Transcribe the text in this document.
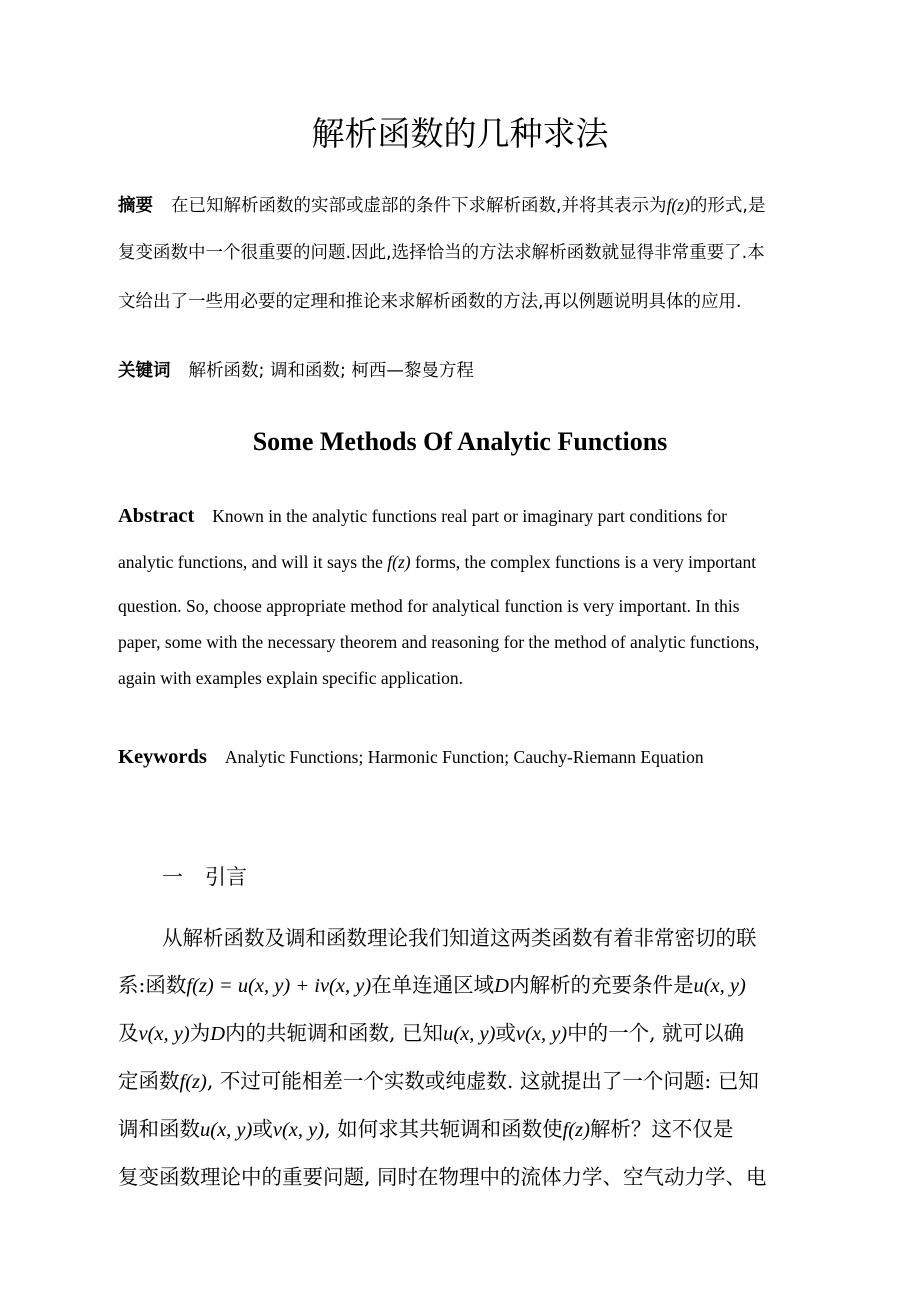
解析函数的几种求法
摘要 在已知解析函数的实部或虚部的条件下求解析函数,并将其表示为f(z)的形式,是
复变函数中一个很重要的问题.因此,选择恰当的方法求解析函数就显得非常重要了.本
文给出了一些用必要的定理和推论来求解析函数的方法,再以例题说明具体的应用.
关键词 解析函数; 调和函数; 柯西—黎曼方程
Some Methods Of Analytic Functions
Abstract Known in the analytic functions real part or imaginary part conditions for
analytic functions, and will it says the f(z) forms, the complex functions is a very important
question. So, choose appropriate method for analytical function is very important. In this
paper, some with the necessary theorem and reasoning for the method of analytic functions,
again with examples explain specific application.
Keywords Analytic Functions; Harmonic Function; Cauchy-Riemann Equation
一 引言
从解析函数及调和函数理论我们知道这两类函数有着非常密切的联
系:函数f(z) = u(x, y) + iv(x, y)在单连通区域D内解析的充要条件是u(x, y)
及v(x, y)为D内的共轭调和函数, 已知u(x, y)或v(x, y)中的一个, 就可以确
定函数f(z), 不过可能相差一个实数或纯虚数. 这就提出了一个问题: 已知
调和函数u(x, y)或v(x, y), 如何求其共轭调和函数使f(z)解析？这不仅是
复变函数理论中的重要问题, 同时在物理中的流体力学、空气动力学、电
